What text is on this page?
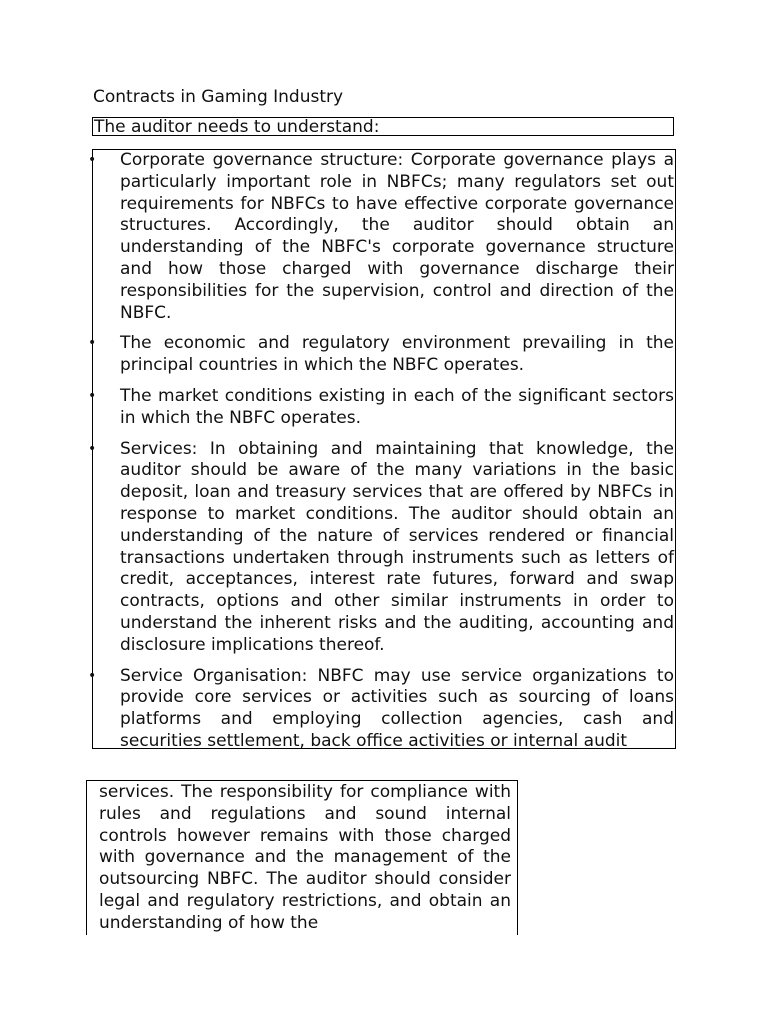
Contracts in Gaming Industry
The auditor needs to understand:
• Corporate governance structure: Corporate governance plays a particularly important role in NBFCs; many regulators set out requirements for NBFCs to have effective corporate governance structures. Accordingly, the auditor should obtain an understanding of the NBFC's corporate governance structure and how those charged with governance discharge their responsibilities for the supervision, control and direction of the NBFC.
• The economic and regulatory environment prevailing in the principal countries in which the NBFC operates.
• The market conditions existing in each of the significant sectors in which the NBFC operates.
• Services: In obtaining and maintaining that knowledge, the auditor should be aware of the many variations in the basic deposit, loan and treasury services that are offered by NBFCs in response to market conditions. The auditor should obtain an understanding of the nature of services rendered or financial transactions undertaken through instruments such as letters of credit, acceptances, interest rate futures, forward and swap contracts, options and other similar instruments in order to understand the inherent risks and the auditing, accounting and disclosure implications thereof.
• Service Organisation: NBFC may use service organizations to provide core services or activities such as sourcing of loans platforms and employing collection agencies, cash and securities settlement, back office activities or internal audit
services. The responsibility for compliance with rules and regulations and sound internal controls however remains with those charged with governance and the management of the outsourcing NBFC. The auditor should consider legal and regulatory restrictions, and obtain an understanding of how the
